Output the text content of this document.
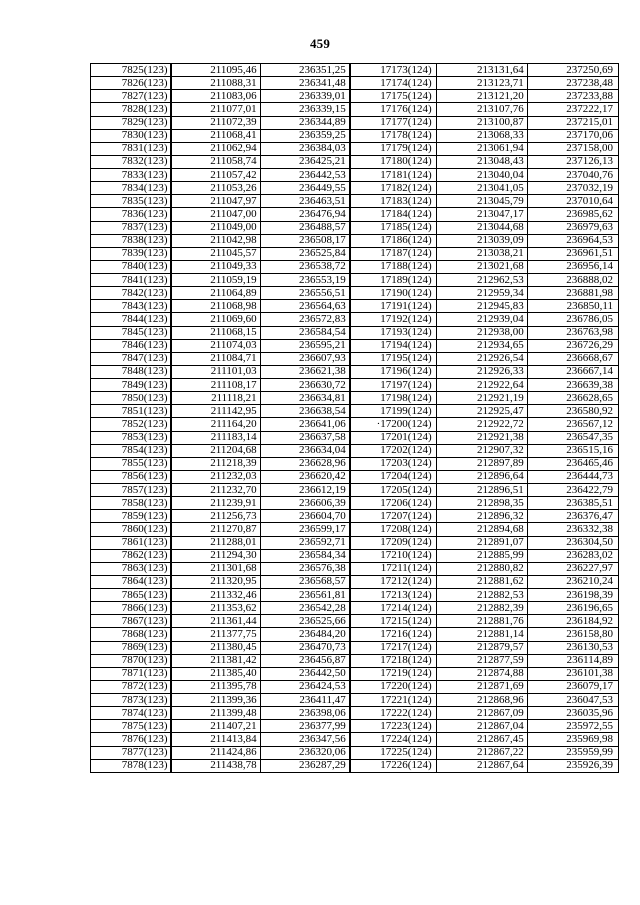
459
7825(123)	211095,46	236351,25	17173(124)	213131,64	237250,69
7826(123)	211088,31	236341,48	17174(124)	213123,71	237238,48
7827(123)	211083,06	236339,01	17175(124)	213121,20	237233,88
7828(123)	211077,01	236339,15	17176(124)	213107,76	237222,17
7829(123)	211072,39	236344,89	17177(124)	213100,87	237215,01
7830(123)	211068,41	236359,25	17178(124)	213068,33	237170,06
7831(123)	211062,94	236384,03	17179(124)	213061,94	237158,00
7832(123)	211058,74	236425,21	17180(124)	213048,43	237126,13
7833(123)	211057,42	236442,53	17181(124)	213040,04	237040,76
7834(123)	211053,26	236449,55	17182(124)	213041,05	237032,19
7835(123)	211047,97	236463,51	17183(124)	213045,79	237010,64
7836(123)	211047,00	236476,94	17184(124)	213047,17	236985,62
7837(123)	211049,00	236488,57	17185(124)	213044,68	236979,63
7838(123)	211042,98	236508,17	17186(124)	213039,09	236964,53
7839(123)	211045,57	236525,84	17187(124)	213038,21	236961,51
7840(123)	211049,33	236538,72	17188(124)	213021,68	236956,14
7841(123)	211059,19	236553,19	17189(124)	212962,53	236888,02
7842(123)	211064,89	236556,51	17190(124)	212959,34	236881,98
7843(123)	211068,98	236564,63	17191(124)	212945,83	236850,11
7844(123)	211069,60	236572,83	17192(124)	212939,04	236786,05
7845(123)	211068,15	236584,54	17193(124)	212938,00	236763,98
7846(123)	211074,03	236595,21	17194(124)	212934,65	236726,29
7847(123)	211084,71	236607,93	17195(124)	212926,54	236668,67
7848(123)	211101,03	236621,38	17196(124)	212926,33	236667,14
7849(123)	211108,17	236630,72	17197(124)	212922,64	236639,38
7850(123)	211118,21	236634,81	17198(124)	212921,19	236628,65
7851(123)	211142,95	236638,54	17199(124)	212925,47	236580,92
7852(123)	211164,20	236641,06	·17200(124)	212922,72	236567,12
7853(123)	211183,14	236637,58	17201(124)	212921,38	236547,35
7854(123)	211204,68	236634,04	17202(124)	212907,32	236515,16
7855(123)	211218,39	236628,96	17203(124)	212897,89	236465,46
7856(123)	211232,03	236620,42	17204(124)	212896,64	236444,73
7857(123)	211232,70	236612,19	17205(124)	212896,51	236422,79
7858(123)	211239,91	236606,39	17206(124)	212898,35	236385,51
7859(123)	211256,73	236604,70	17207(124)	212896,32	236376,47
7860(123)	211270,87	236599,17	17208(124)	212894,68	236332,38
7861(123)	211288,01	236592,71	17209(124)	212891,07	236304,50
7862(123)	211294,30	236584,34	17210(124)	212885,99	236283,02
7863(123)	211301,68	236576,38	17211(124)	212880,82	236227,97
7864(123)	211320,95	236568,57	17212(124)	212881,62	236210,24
7865(123)	211332,46	236561,81	17213(124)	212882,53	236198,39
7866(123)	211353,62	236542,28	17214(124)	212882,39	236196,65
7867(123)	211361,44	236525,66	17215(124)	212881,76	236184,92
7868(123)	211377,75	236484,20	17216(124)	212881,14	236158,80
7869(123)	211380,45	236470,73	17217(124)	212879,57	236130,53
7870(123)	211381,42	236456,87	17218(124)	212877,59	236114,89
7871(123)	211385,40	236442,50	17219(124)	212874,88	236101,38
7872(123)	211395,78	236424,53	17220(124)	212871,69	236079,17
7873(123)	211399,36	236411,47	17221(124)	212868,96	236047,53
7874(123)	211399,48	236398,06	17222(124)	212867,09	236035,96
7875(123)	211407,21	236377,99	17223(124)	212867,04	235972,55
7876(123)	211413,84	236347,56	17224(124)	212867,45	235969,98
7877(123)	211424,86	236320,06	17225(124)	212867,22	235959,99
7878(123)	211438,78	236287,29	17226(124)	212867,64	235926,39
